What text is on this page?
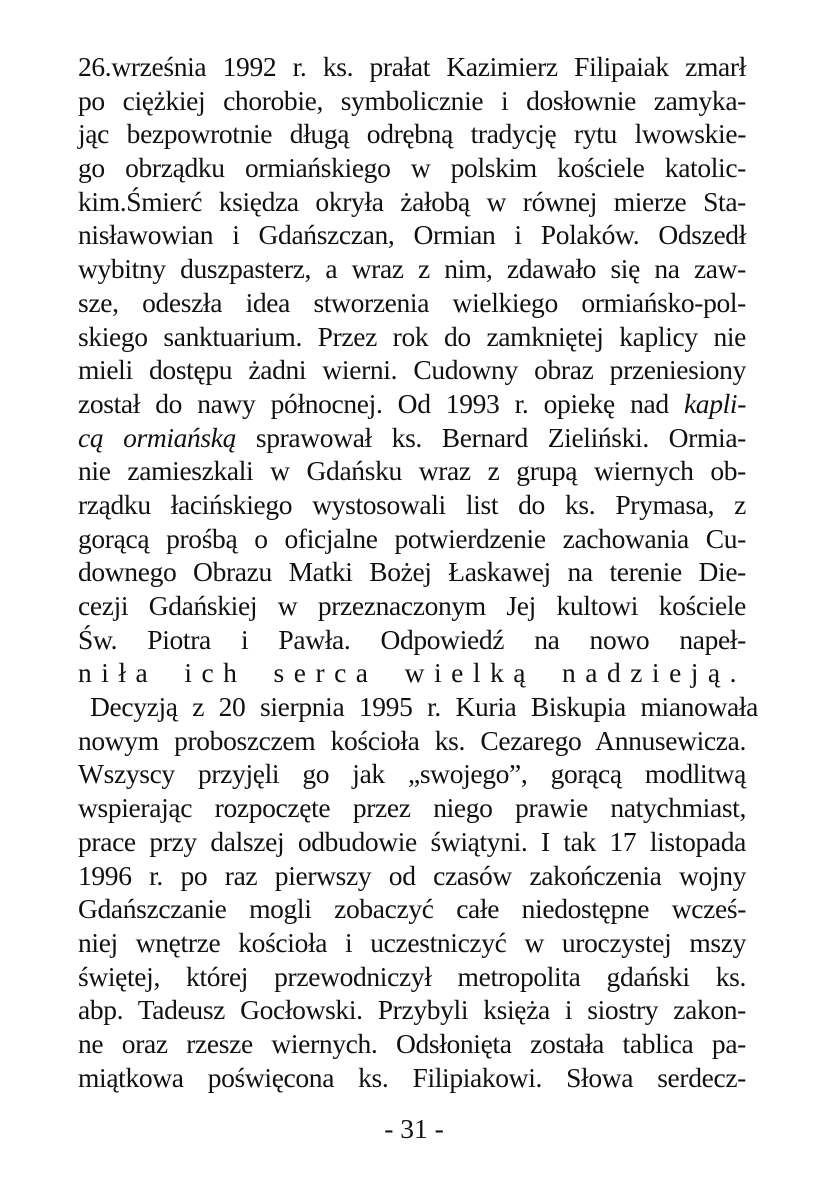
26.września 1992 r. ks. prałat Kazimierz Filipaiak zmarł
po ciężkiej chorobie, symbolicznie i dosłownie zamyka-
jąc bezpowrotnie długą odrębną tradycję rytu lwowskie-
go obrządku ormiańskiego w polskim kościele katolic-
kim.Śmierć księdza okryła żałobą w równej mierze Sta-
nisławowian i Gdańszczan, Ormian i Polaków. Odszedł
wybitny duszpasterz, a wraz z nim, zdawało się na zaw-
sze, odeszła idea stworzenia wielkiego ormiańsko-pol-
skiego sanktuarium. Przez rok do zamkniętej kaplicy nie
mieli dostępu żadni wierni. Cudowny obraz przeniesiony
został do nawy północnej. Od 1993 r. opiekę nad kapli-
cą ormiańską sprawował ks. Bernard Zieliński. Ormia-
nie zamieszkali w Gdańsku wraz z grupą wiernych ob-
rządku łacińskiego wystosowali list do ks. Prymasa, z
gorącą prośbą o oficjalne potwierdzenie zachowania Cu-
downego Obrazu Matki Bożej Łaskawej na terenie Die-
cezji Gdańskiej w przeznaczonym Jej kultowi kościele
Św. Piotra i Pawła. Odpowiedź na nowo napeł-
niła ich serca wielką nadzieją.
Decyzją z 20 sierpnia 1995 r. Kuria Biskupia mianowała
nowym proboszczem kościoła ks. Cezarego Annusewicza.
Wszyscy przyjęli go jak „swojego”, gorącą modlitwą
wspierając rozpoczęte przez niego prawie natychmiast,
prace przy dalszej odbudowie świątyni. I tak 17 listopada
1996 r. po raz pierwszy od czasów zakończenia wojny
Gdańszczanie mogli zobaczyć całe niedostępne wcześ-
niej wnętrze kościoła i uczestniczyć w uroczystej mszy
świętej, której przewodniczył metropolita gdański ks.
abp. Tadeusz Gocłowski. Przybyli księża i siostry zakon-
ne oraz rzesze wiernych. Odsłonięta została tablica pa-
miątkowa poświęcona ks. Filipiakowi. Słowa serdecz-
- 31 -
